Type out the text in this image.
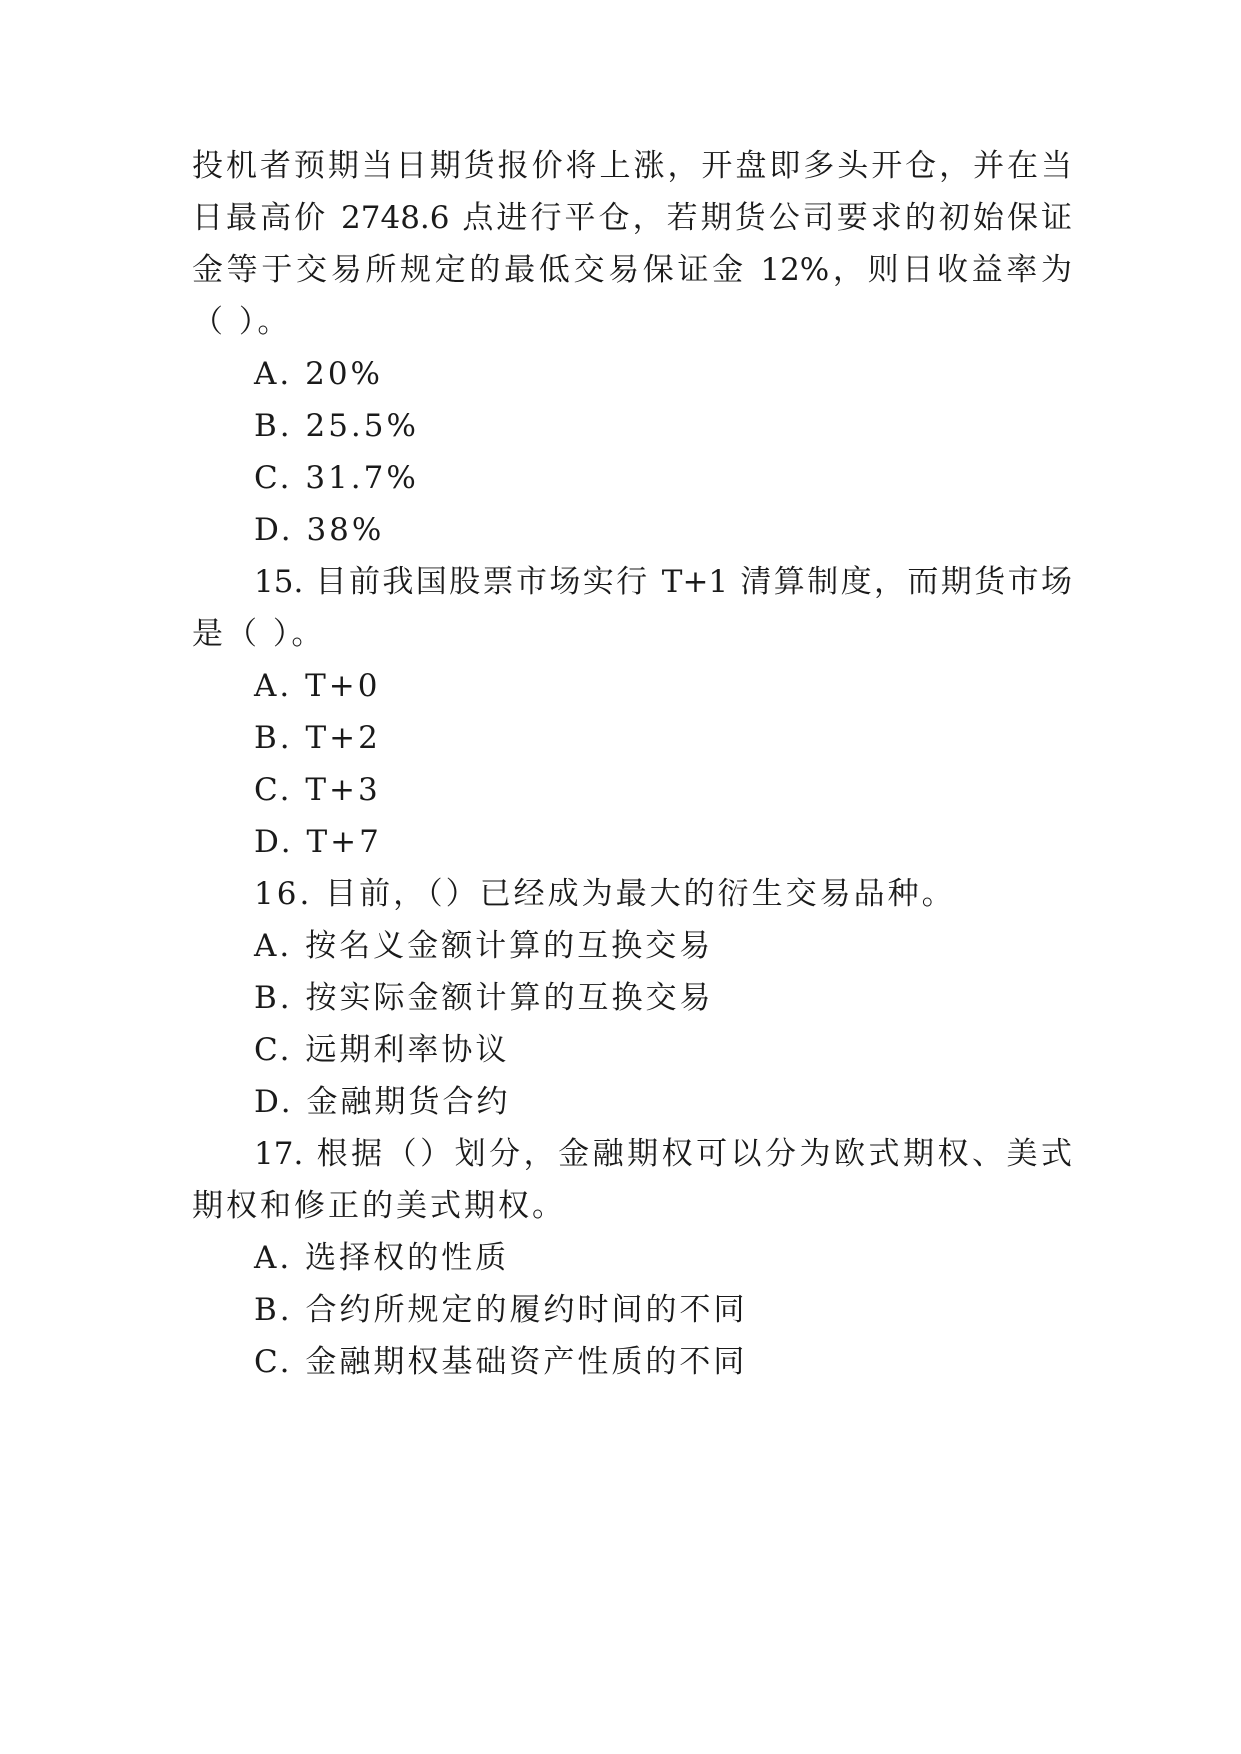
投机者预期当日期货报价将上涨，开盘即多头开仓，并在当
日最高价 2748.6 点进行平仓，若期货公司要求的初始保证
金等于交易所规定的最低交易保证金 12%，则日收益率为
（ ）。
A. 20%
B. 25.5%
C. 31.7%
D. 38%
15. 目前我国股票市场实行 T+1 清算制度，而期货市场
是（ ）。
A. T+0
B. T+2
C. T+3
D. T+7
16. 目前，（）已经成为最大的衍生交易品种。
A. 按名义金额计算的互换交易
B. 按实际金额计算的互换交易
C. 远期利率协议
D. 金融期货合约
17. 根据（）划分，金融期权可以分为欧式期权、美式
期权和修正的美式期权。
A. 选择权的性质
B. 合约所规定的履约时间的不同
C. 金融期权基础资产性质的不同
